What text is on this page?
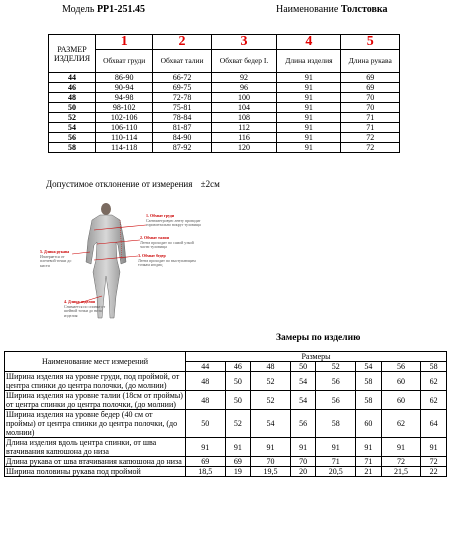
Модель PP1-251.45	Наименование Толстовка
РАЗМЕР ИЗДЕЛИЯ	1	2	3	4	5
	Обхват груди	Обхват талии	Обхват бедер I.	Длина изделия	Длина рукава
44	86-90	66-72	92	91	69
46	90-94	69-75	96	91	69
48	94-98	72-78	100	91	70
50	98-102	75-81	104	91	70
52	102-106	78-84	108	91	71
54	106-110	81-87	112	91	71
56	110-114	84-90	116	91	72
58	114-118	87-92	120	91	72
Допустимое отклонение от измерения ±2см
1. Обхват груди
Сантиметровую ленту проводят горизонтально вокруг туловища
2. Обхват талии
Лента проходит по самой узкой части туловища
3. Обхват бедер
Лента проходит по выступающим точкам ягодиц
4. Длина изделия
Снимается по спинке от шейной точки до низа изделия
5. Длина рукава
Измеряется от плечевой точки до кисти
Замеры по изделию
Наименование мест измерений	Размеры							
	44	46	48	50	52	54	56	58
Ширина изделия на уровне груди, под проймой, от центра спинки до центра полочки, (до молнии)	48	50	52	54	56	58	60	62
Ширина изделия на уровне талии (18см от проймы) от центра спинки до центра полочки, (до молнии)	48	50	52	54	56	58	60	62
Ширина изделия на уровне бедер (40 см от проймы) от центра спинки до центра полочки, (до молнии)	50	52	54	56	58	60	62	64
Длина изделия вдоль центра спинки, от шва втачивания капюшона до низа	91	91	91	91	91	91	91	91
Длина рукава от шва втачивания капюшона до низа	69	69	70	70	71	71	72	72
Ширина половины рукава под проймой	18,5	19	19,5	20	20,5	21	21,5	22
